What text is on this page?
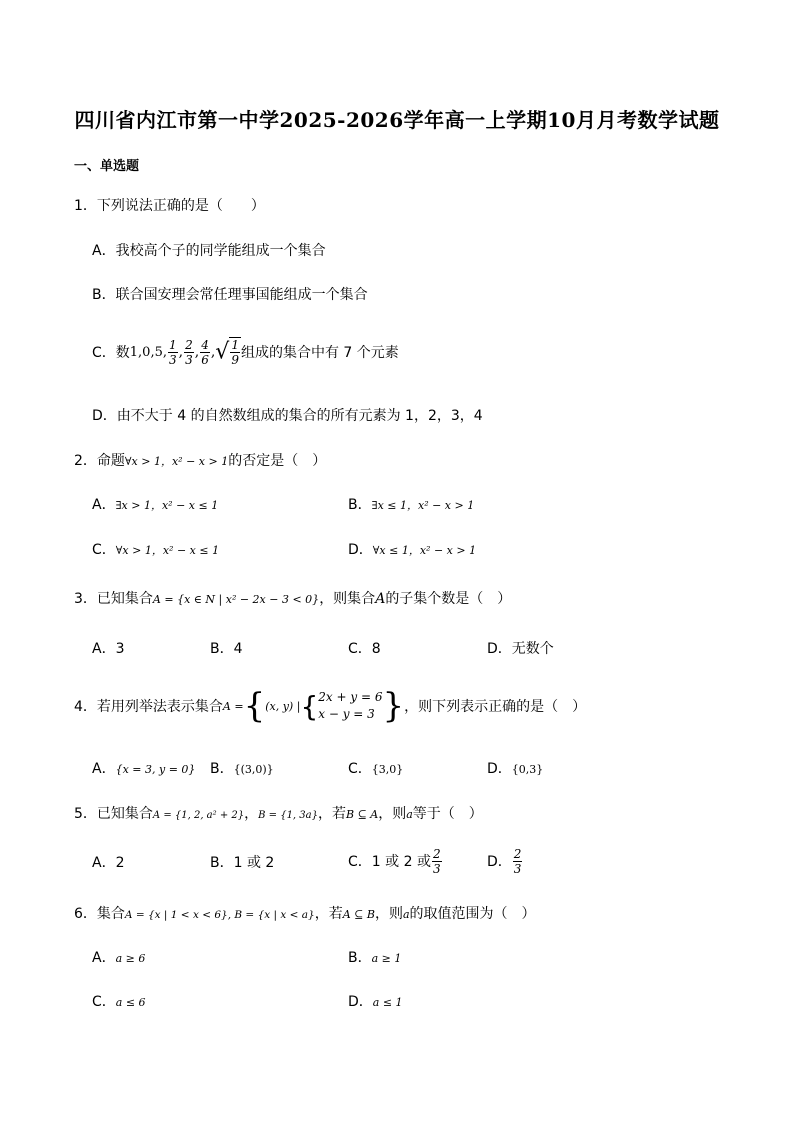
四川省内江市第一中学2025-2026学年高一上学期10月月考数学试题
一、单选题
1．下列说法正确的是（　　）
A．我校高个子的同学能组成一个集合
B．联合国安理会常任理事国能组成一个集合
C．数 1,0,5, $\frac{1}{3}$ , $\frac{2}{3}$ , $\frac{4}{6}$ , √ $\frac{1}{9}$ 组成的集合中有 7 个元素
D．由不大于 4 的自然数组成的集合的所有元素为 1，2，3，4
2．命题∀x > 1，x² − x > 1的否定是（　）
A．∃x > 1，x² − x ≤ 1	B．∃x ≤ 1，x² − x > 1
C．∀x > 1，x² − x ≤ 1	D．∀x ≤ 1，x² − x > 1
3．已知集合A = {x ∈ N | x² − 2x − 3 < 0}，则集合A的子集个数是（　）
A．3	B．4	C．8	D．无数个
4．若用列举法表示集合 A = { (x, y) | { 2x + y = 6
x − y = 3 } ，则下列表示正确的是（　）
A．{x = 3, y = 0} B．{(3,0)}	C．{3,0}	D．{0,3}
5．已知集合A = {1, 2, a² + 2}，B = {1, 3a}，若B ⊆ A，则a等于（　）
A．2	B．1 或 2	C．1 或 2 或 $\frac{2}{3}$	D． $\frac{2}{3}$
6．集合A = {x | 1 < x < 6}, B = {x | x < a}，若A ⊆ B，则a的取值范围为（　）
A．a ≥ 6	B．a ≥ 1
C．a ≤ 6	D．a ≤ 1
